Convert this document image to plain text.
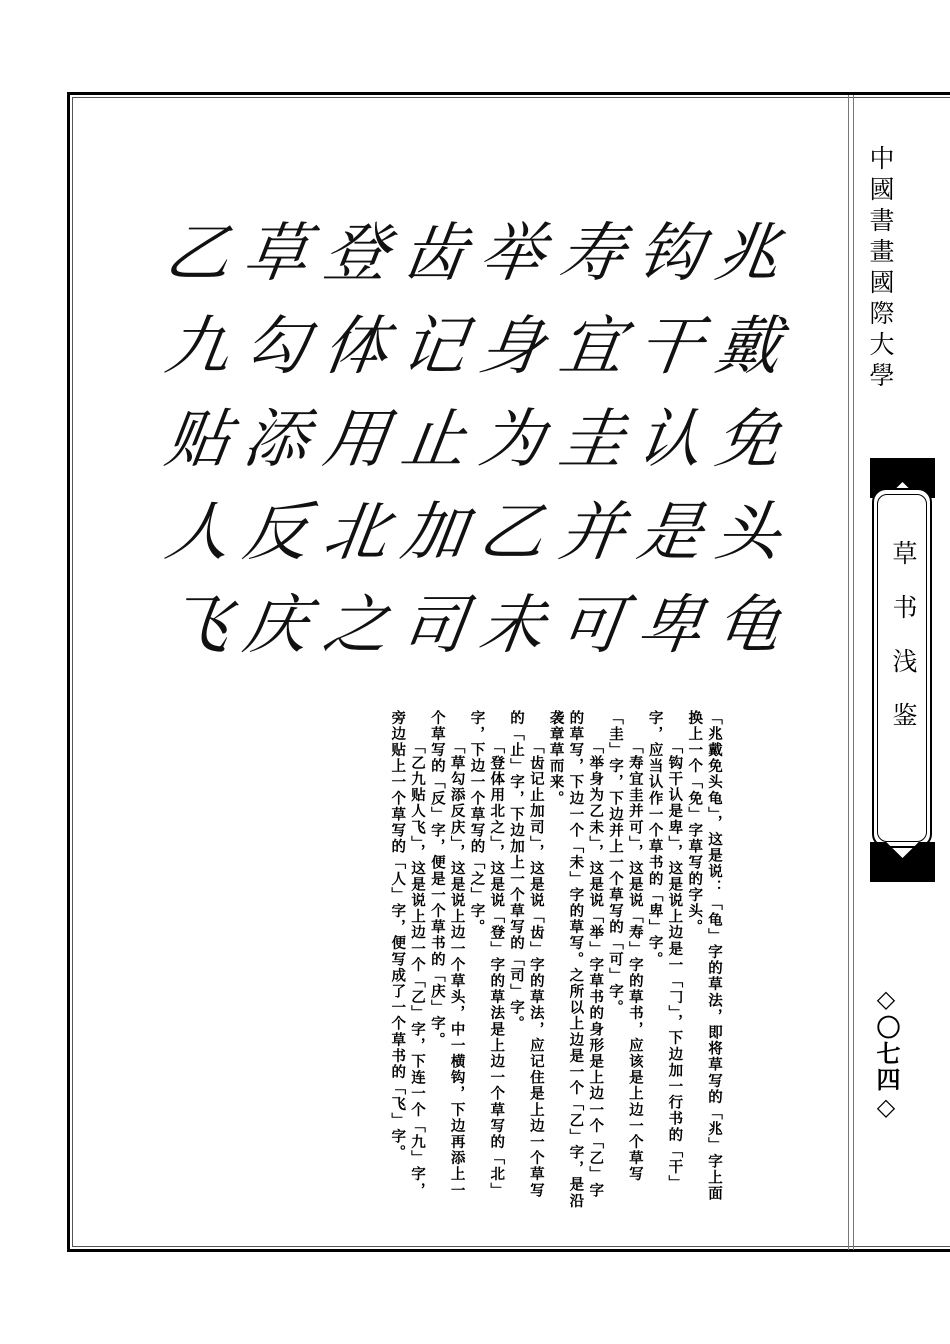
中國書畫國際大學
草书浅鉴
◇〇七四◇
乙
九
贴
人
飞
草
勾
添
反
庆
登
体
用
北
之
齿
记
止
加
司
举
身
为
乙
未
寿
宜
圭
并
可
钩
干
认
是
卑
兆
戴
免
头
龟

「兆戴免头龟」，这是说：「龟」字的草法，即将草写的「兆」字上面换上一个「免」字草写的字头。

「钩干认是卑」，这是说上边是一「𠃌」，下边加一行书的「干」字，应当认作一个草书的「卑」字。

「寿宜圭并可」，这是说「寿」字的草书，应该是上边一个草写「圭」字，下边并上一个草写的「可」字。

「举身为乙未」，这是说「举」字草书的身形是上边一个「乙」字的草写，下边一个「未」字的草写。之所以上边是一个「乙」字，是沿袭章草而来。

「齿记止加司」，这是说「齿」字的草法，应记住是上边一个草写的「止」字，下边加上一个草写的「司」字。

「登体用北之」，这是说「登」字的草法是上边一个草写的「北」字，下边一个草写的「之」字。

「草勾添反庆」，这是说上边一个草头，中一横钩，下边再添上一个草写的「反」字，便是一个草书的「庆」字。

「乙九贴人飞」，这是说上边一个「乙」字，下连一个「九」字，旁边贴上一个草写的「人」字，便写成了一个草书的「飞」字。
